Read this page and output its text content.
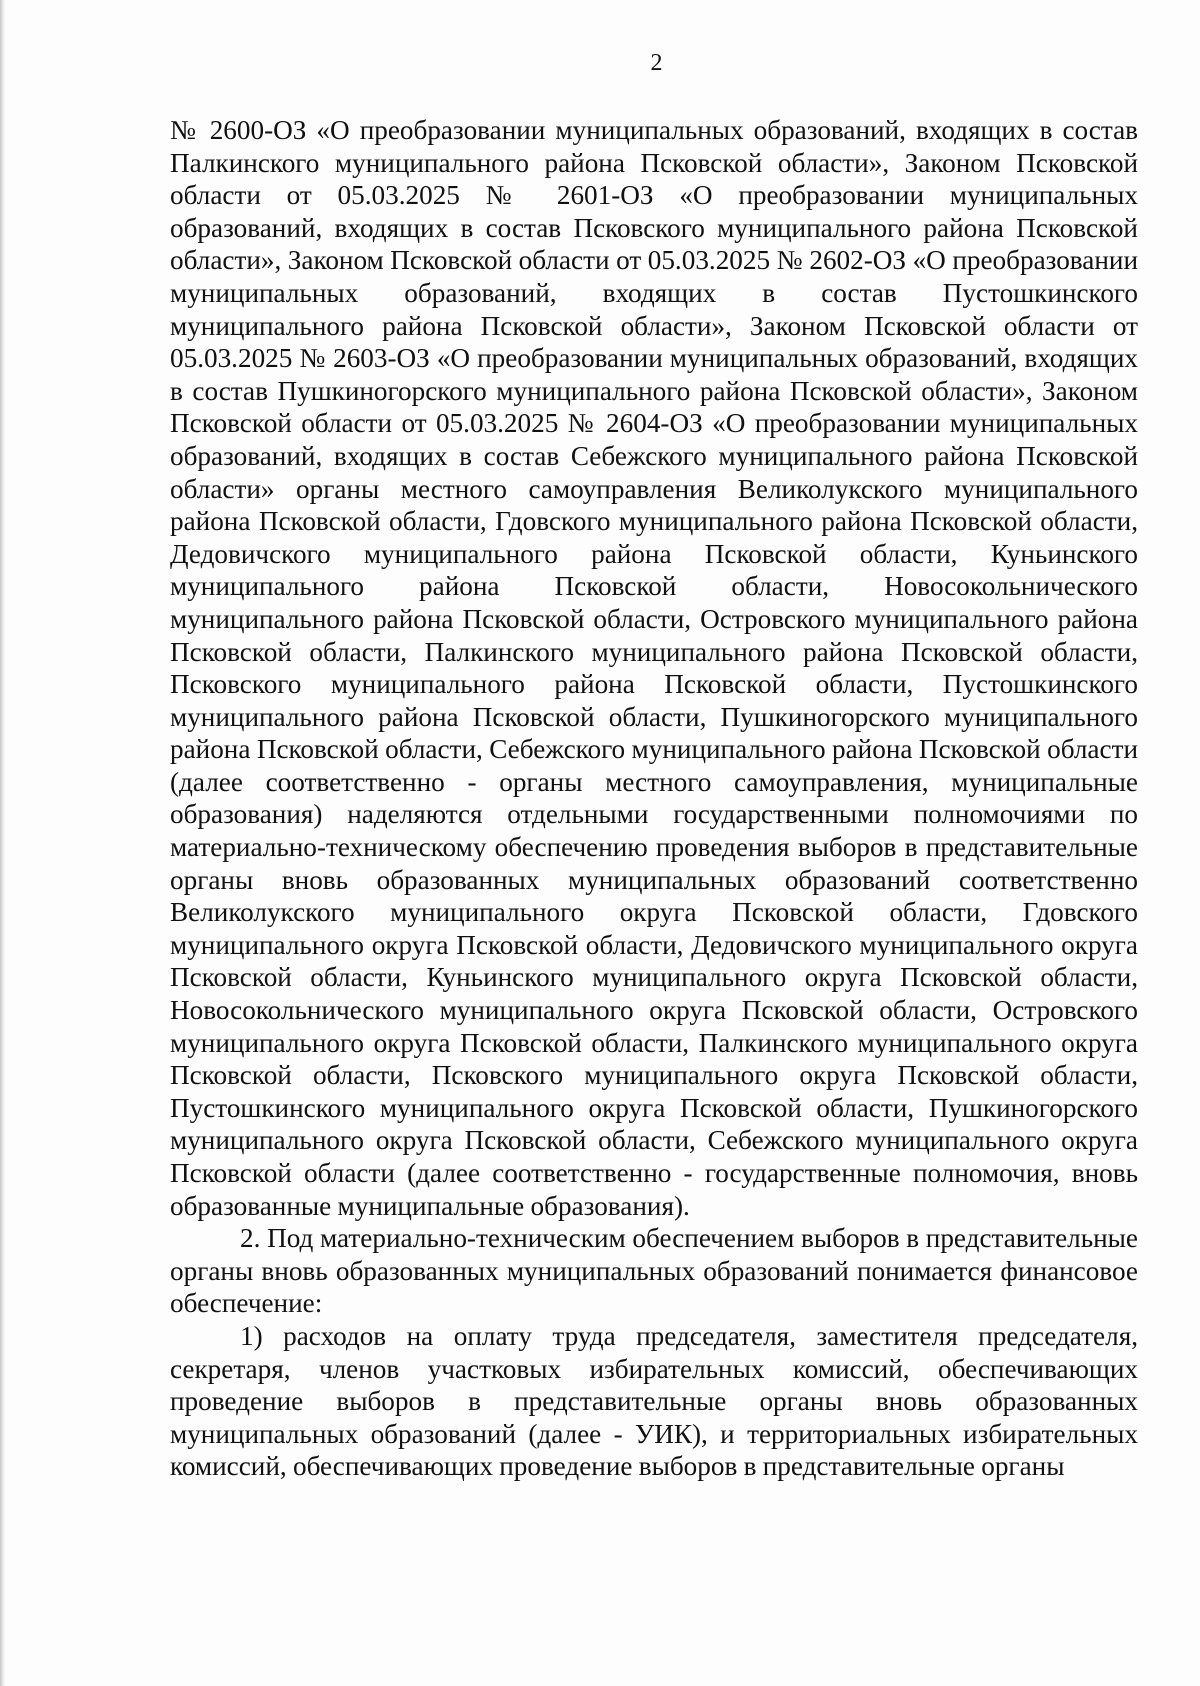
2

№ 2600-ОЗ «О преобразовании муниципальных образований, входящих в состав Палкинского муниципального района Псковской области», Законом Псковской области от 05.03.2025 № 2601-ОЗ «О преобразовании муниципальных образований, входящих в состав Псковского муниципального района Псковской области», Законом Псковской области от 05.03.2025 № 2602-ОЗ «О преобразовании муниципальных образований, входящих в состав Пустошкинского муниципального района Псковской области», Законом Псковской области от 05.03.2025 № 2603-ОЗ «О преобразовании муниципальных образований, входящих в состав Пушкиногорского муниципального района Псковской области», Законом Псковской области от 05.03.2025 № 2604-ОЗ «О преобразовании муниципальных образований, входящих в состав Себежского муниципального района Псковской области» органы местного самоуправления Великолукского муниципального района Псковской области, Гдовского муниципального района Псковской области, Дедовичского муниципального района Псковской области, Куньинского муниципального района Псковской области, Новосокольнического муниципального района Псковской области, Островского муниципального района Псковской области, Палкинского муниципального района Псковской области, Псковского муниципального района Псковской области, Пустошкинского муниципального района Псковской области, Пушкиногорского муниципального района Псковской области, Себежского муниципального района Псковской области (далее соответственно - органы местного самоуправления, муниципальные образования) наделяются отдельными государственными полномочиями по материально-техническому обеспечению проведения выборов в представительные органы вновь образованных муниципальных образований соответственно Великолукского муниципального округа Псковской области, Гдовского муниципального округа Псковской области, Дедовичского муниципального округа Псковской области, Куньинского муниципального округа Псковской области, Новосокольнического муниципального округа Псковской области, Островского муниципального округа Псковской области, Палкинского муниципального округа Псковской области, Псковского муниципального округа Псковской области, Пустошкинского муниципального округа Псковской области, Пушкиногорского муниципального округа Псковской области, Себежского муниципального округа Псковской области (далее соответственно - государственные полномочия, вновь образованные муниципальные образования).

2. Под материально-техническим обеспечением выборов в представительные органы вновь образованных муниципальных образований понимается финансовое обеспечение:

1) расходов на оплату труда председателя, заместителя председателя, секретаря, членов участковых избирательных комиссий, обеспечивающих проведение выборов в представительные органы вновь образованных муниципальных образований (далее - УИК), и территориальных избирательных комиссий, обеспечивающих проведение выборов в представительные органы
